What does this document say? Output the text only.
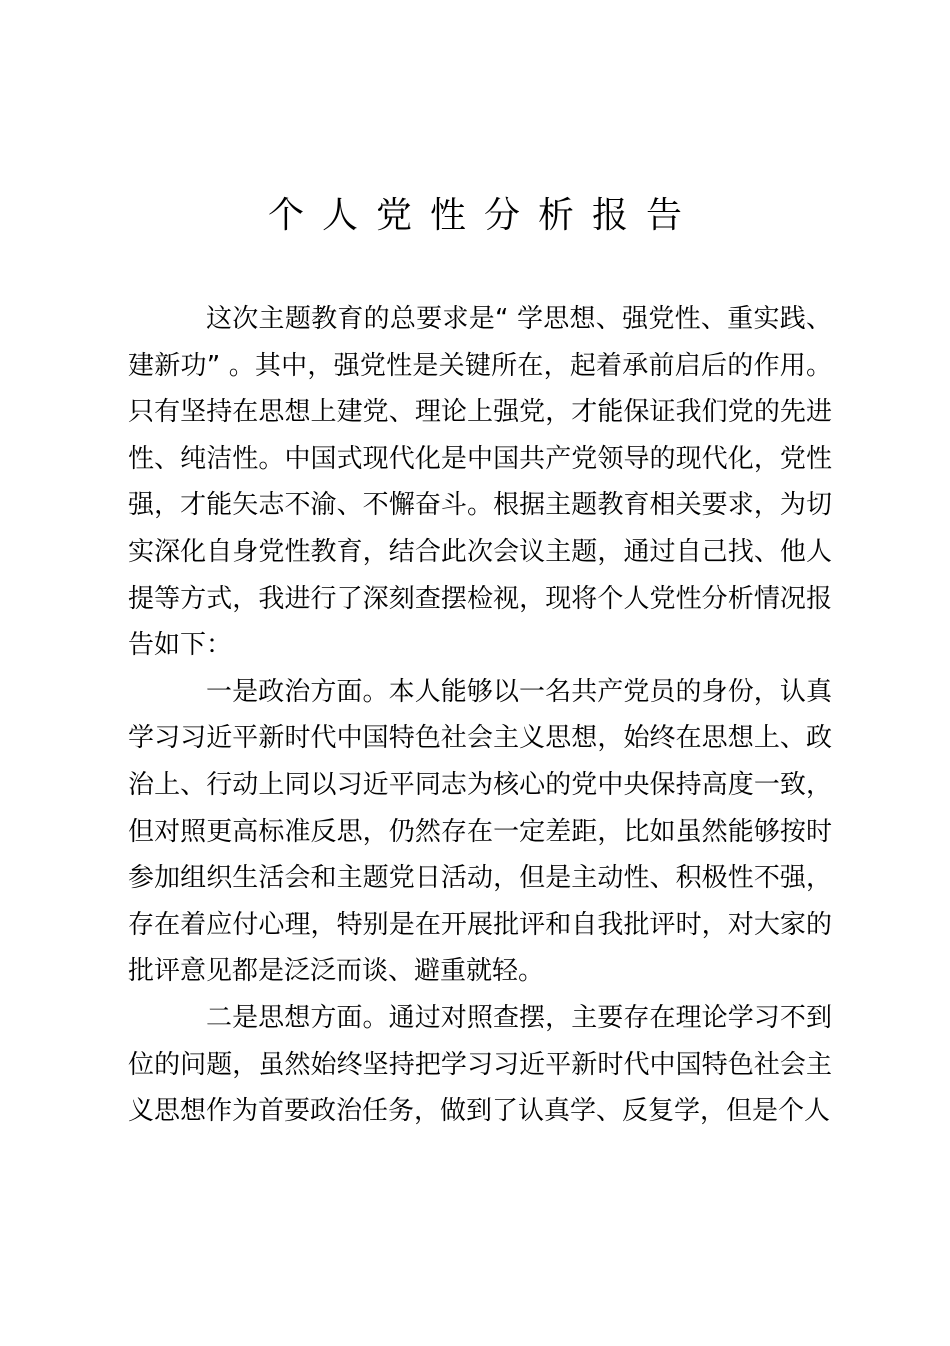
个人党性分析报告

这次主题教育的总要求是“ 学思想、强党性、重实践、建新功” 。其中，强党性是关键所在，起着承前启后的作用。只有坚持在思想上建党、理论上强党，才能保证我们党的先进性、纯洁性。中国式现代化是中国共产党领导的现代化，党性强，才能矢志不渝、不懈奋斗。根据主题教育相关要求，为切实深化自身党性教育，结合此次会议主题，通过自己找、他人提等方式，我进行了深刻查摆检视，现将个人党性分析情况报告如下：

一是政治方面。本人能够以一名共产党员的身份，认真学习习近平新时代中国特色社会主义思想，始终在思想上、政治上、行动上同以习近平同志为核心的党中央保持高度一致，但对照更高标准反思，仍然存在一定差距，比如虽然能够按时参加组织生活会和主题党日活动，但是主动性、积极性不强，存在着应付心理，特别是在开展批评和自我批评时，对大家的批评意见都是泛泛而谈、避重就轻。

二是思想方面。通过对照查摆，主要存在理论学习不到位的问题，虽然始终坚持把学习习近平新时代中国特色社会主义思想作为首要政治任务，做到了认真学、反复学，但是个人
